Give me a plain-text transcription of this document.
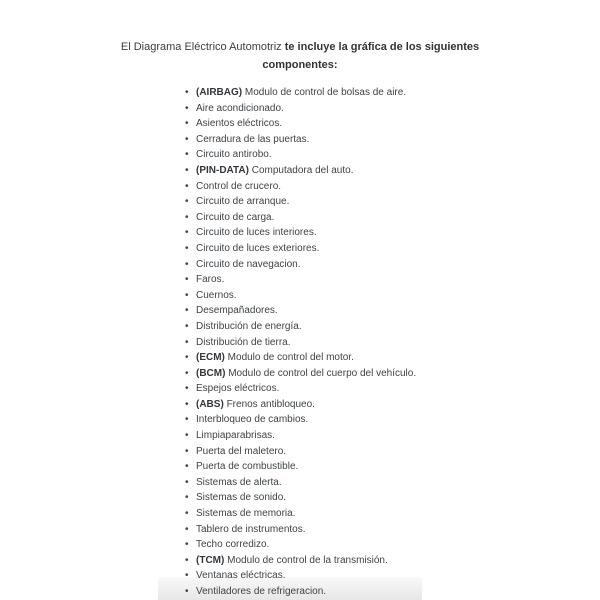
El Diagrama Eléctrico Automotriz te incluye la gráfica de los siguientes componentes:
• (AIRBAG) Modulo de control de bolsas de aire.
• Aire acondicionado.
• Asientos eléctricos.
• Cerradura de las puertas.
• Circuito antirobo.
• (PIN-DATA) Computadora del auto.
• Control de crucero.
• Circuito de arranque.
• Circuito de carga.
• Circuito de luces interiores.
• Circuito de luces exteriores.
• Circuito de navegacion.
• Faros.
• Cuernos.
• Desempañadores.
• Distribución de energía.
• Distribución de tierra.
• (ECM) Modulo de control del motor.
• (BCM) Modulo de control del cuerpo del vehículo.
• Espejos eléctricos.
• (ABS) Frenos antibloqueo.
• Interbloqueo de cambios.
• Limpiaparabrisas.
• Puerta del maletero.
• Puerta de combustible.
• Sistemas de alerta.
• Sistemas de sonido.
• Sistemas de memoria.
• Tablero de instrumentos.
• Techo corredizo.
• (TCM) Modulo de control de la transmisión.
• Ventanas eléctricas.
• Ventiladores de refrigeracion.
